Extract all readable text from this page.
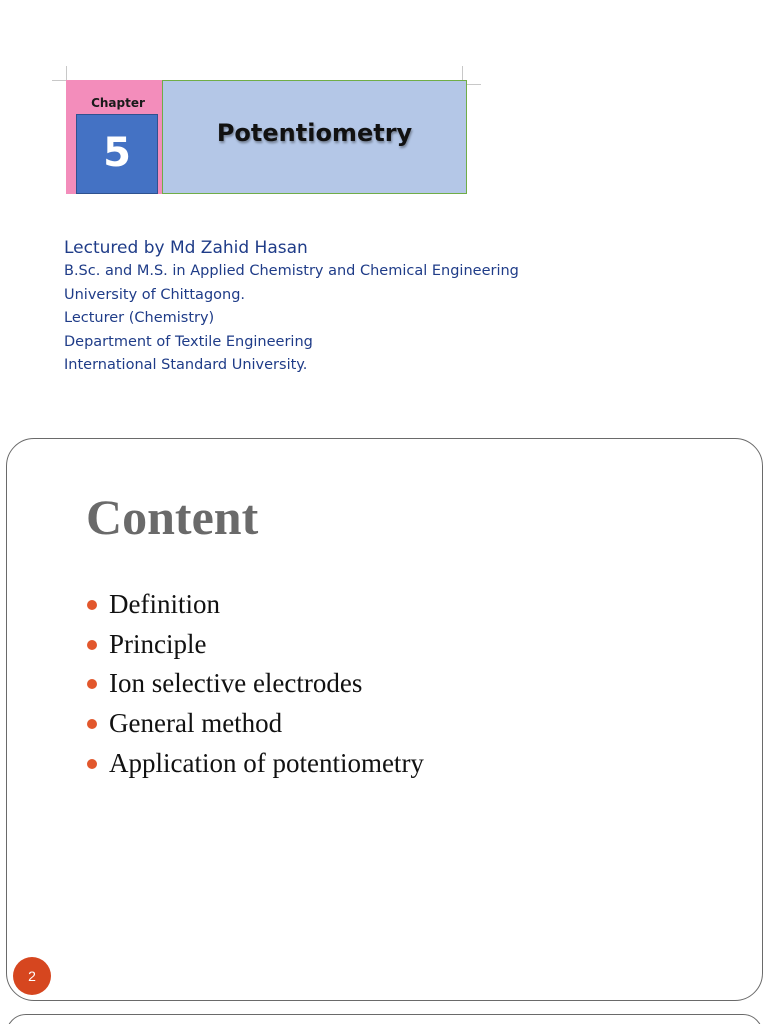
Chapter
5	Potentiometry

Lectured by Md Zahid Hasan

B.Sc. and M.S. in Applied Chemistry and Chemical Engineering

University of Chittagong.

Lecturer (Chemistry)

Department of Textile Engineering

International Standard University.

Content
Definition
Principle
Ion selective electrodes
General method
Application of potentiometry
2
